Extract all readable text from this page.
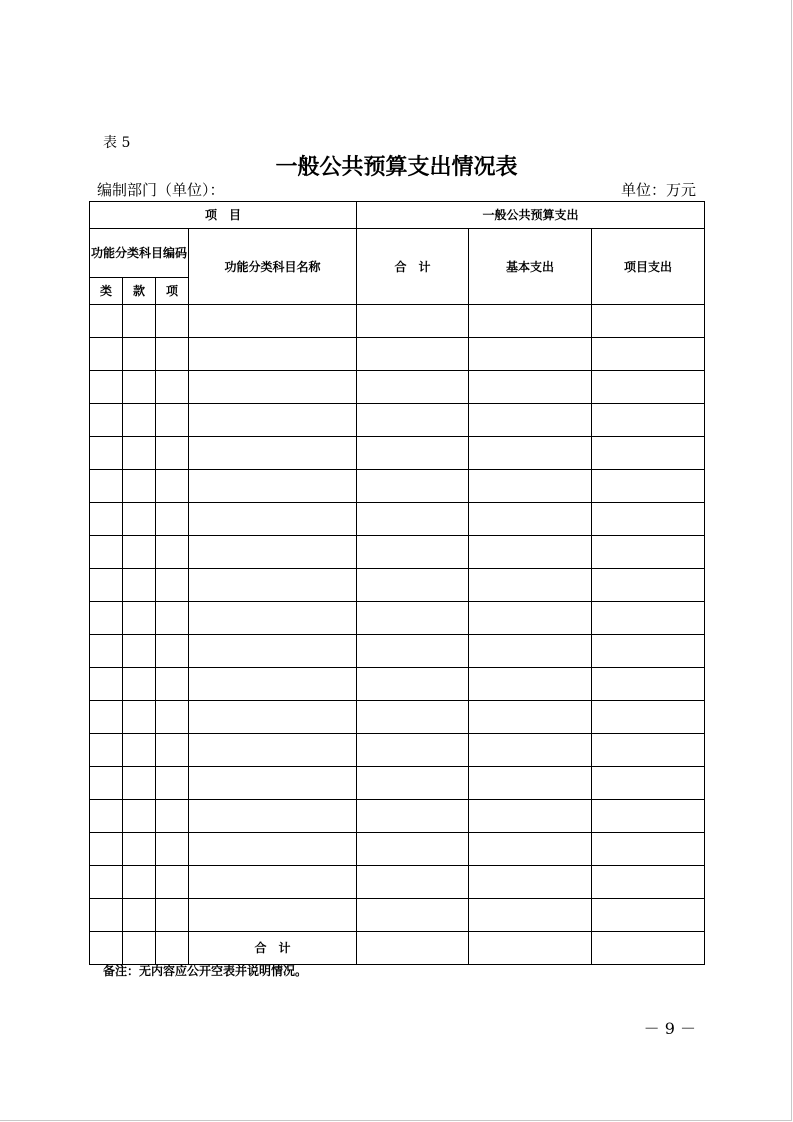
表 5
一般公共预算支出情况表
编制部门（单位）：	单位：万元
项　目				一般公共预算支出		
功能分类科目编码			功能分类科目名称	合　计	基本支出	项目支出
类	款	项				

			合　计			
备注：无内容应公开空表并说明情况。
－ 9 －
